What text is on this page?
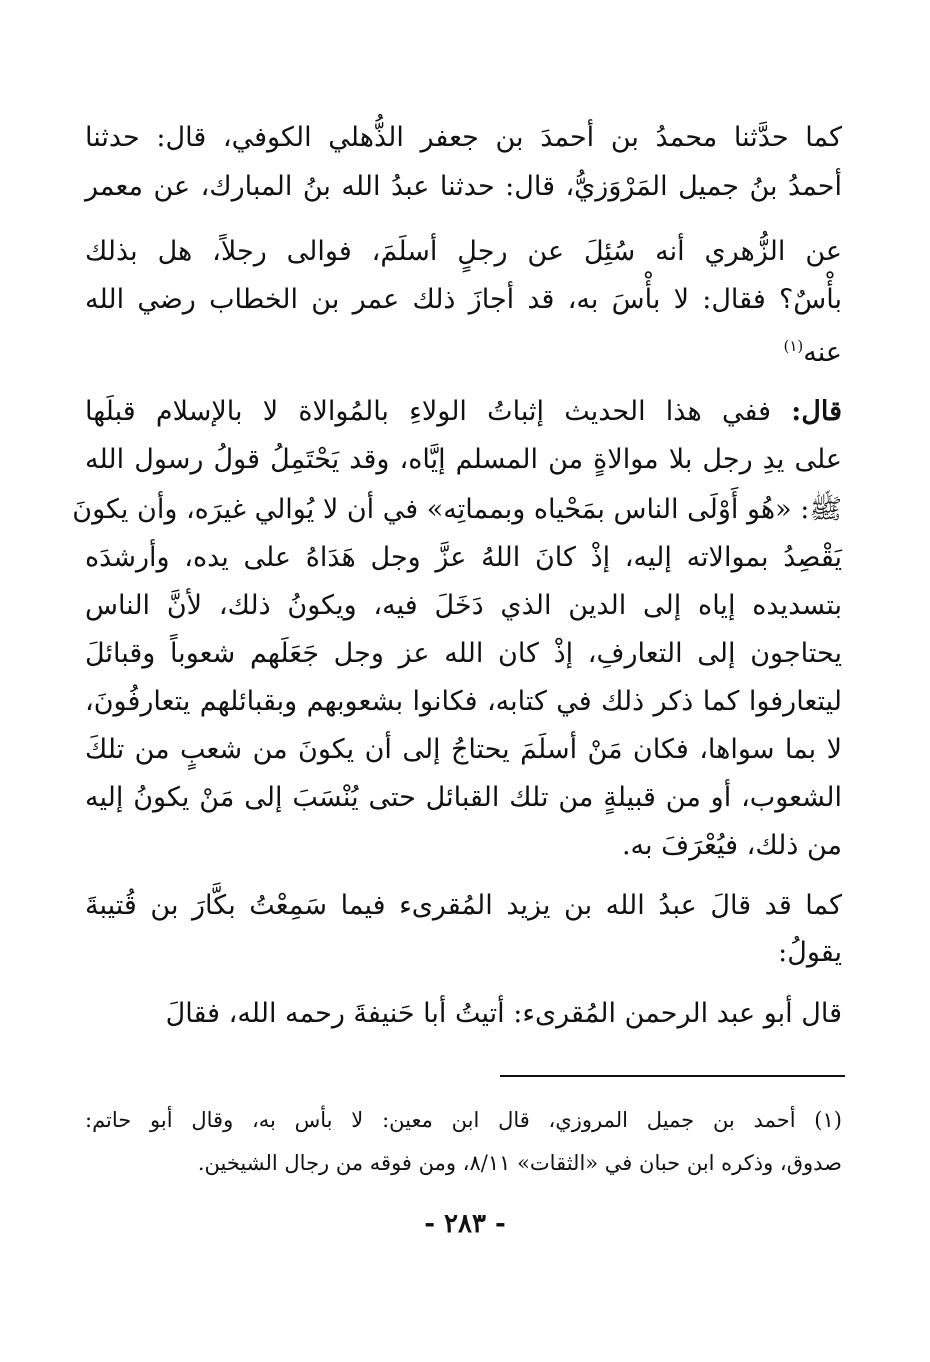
كما حدَّثنا محمدُ بن أحمدَ بن جعفر الذُّهلي الكوفي، قال: حدثنا
أحمدُ بنُ جميل المَرْوَزيُّ، قال: حدثنا عبدُ الله بنُ المبارك، عن معمر
عن الزُّهري أنه سُئِلَ عن رجلٍ أسلَمَ، فوالى رجلاً، هل بذلك
بأْسٌ؟ فقال: لا بأْسَ به، قد أجازَ ذلك عمر بن الخطاب رضي الله
عنه$^{(١)}$
قال: ففي هذا الحديث إثباتُ الولاءِ بالمُوالاة لا بالإسلام قبلَها
على يدِ رجل بلا موالاةٍ من المسلم إيَّاه، وقد يَحْتَمِلُ قولُ رسول الله
ﷺ: «هُو أَوْلَى الناس بمَحْياه وبمماتِه» في أن لا يُوالي غيرَه، وأن يكونَ
يَقْصِدُ بموالاته إليه، إذْ كانَ اللهُ عزَّ وجل هَدَاهُ على يده، وأرشدَه
بتسديده إياه إلى الدين الذي دَخَلَ فيه، ويكونُ ذلك، لأنَّ الناس
يحتاجون إلى التعارفِ، إذْ كان الله عز وجل جَعَلَهم شعوباً وقبائلَ
ليتعارفوا كما ذكر ذلك في كتابه، فكانوا بشعوبهم وبقبائلهم يتعارفُونَ،
لا بما سواها، فكان مَنْ أسلَمَ يحتاجُ إلى أن يكونَ من شعبٍ من تلكَ
الشعوب، أو من قبيلةٍ من تلك القبائل حتى يُنْسَبَ إلى مَنْ يكونُ إليه
من ذلك، فيُعْرَفَ به.
كما قد قالَ عبدُ الله بن يزيد المُقرىء فيما سَمِعْتُ بكَّارَ بن قُتيبةَ
يقولُ:
قال أبو عبد الرحمن المُقرىء: أتيتُ أبا حَنيفةَ رحمه الله، فقالَ
(١) أحمد بن جميل المروزي، قال ابن معين: لا بأس به، وقال أبو حاتم:
صدوق، وذكره ابن حبان في «الثقات» ٨/١١، ومن فوقه من رجال الشيخين.
- ٢٨٣ -
